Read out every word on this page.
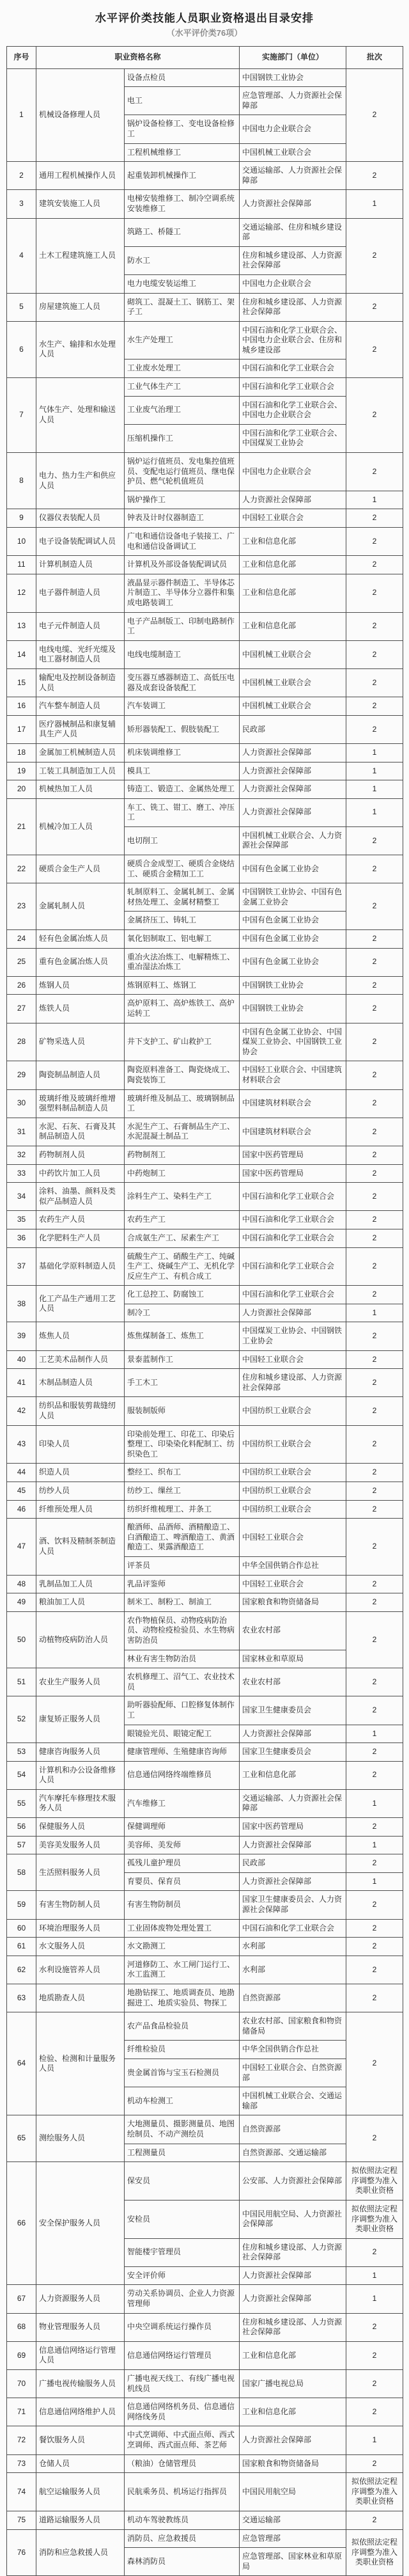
水平评价类技能人员职业资格退出目录安排
（水平评价类76项）
序号	职业资格名称		实施部门（单位）	批次
1	机械设备修理人员	设备点检员	中国钢铁工业协会	2
		电工	应急管理部、人力资源社会保障部	
		锅炉设备检修工、变电设备检修工	中国电力企业联合会	
		工程机械维修工	中国机械工业联合会	
2	通用工程机械操作人员	起重装卸机械操作工	交通运输部、人力资源社会保障部	2
3	建筑安装施工人员	电梯安装维修工、制冷空调系统安装维修工	人力资源社会保障部	1
4	土木工程建筑施工人员	筑路工、桥隧工	交通运输部、住房和城乡建设部	2
		防水工	住房和城乡建设部、人力资源社会保障部	
		电力电缆安装运维工	中国电力企业联合会	
5	房屋建筑施工人员	砌筑工、混凝土工、钢筋工、架子工	住房和城乡建设部、人力资源社会保障部	2
6	水生产、输排和水处理人员	水生产处理工	中国石油和化学工业联合会、中国电力企业联合会、住房和城乡建设部	2
		工业废水处理工	中国石油和化学工业联合会	
7	气体生产、处理和输送人员	工业气体生产工	中国石油和化学工业联合会	2
		工业废气治理工	中国石油和化学工业联合会、中国电力企业联合会	
		压缩机操作工	中国石油和化学工业联合会、中国煤炭工业协会	
8	电力、热力生产和供应人员	锅炉运行值班员、发电集控值班员、变配电运行值班员、继电保护员、燃气轮机值班员	中国电力企业联合会	2
		锅炉操作工	人力资源社会保障部	1
9	仪器仪表装配人员	钟表及计时仪器制造工	中国轻工业联合会	2
10	电子设备装配调试人员	广电和通信设备电子装接工、广电和通信设备调试工	工业和信息化部	2
11	计算机制造人员	计算机及外部设备装配调试员	工业和信息化部	2
12	电子器件制造人员	液晶显示器件制造工、半导体芯片制造工、半导体分立器件和集成电路装调工	工业和信息化部	2
13	电子元件制造人员	电子产品制版工、印制电路制作工	工业和信息化部	2
14	电线电缆、光纤光缆及电工器材制造人员	电线电缆制造工	中国机械工业联合会	2
15	输配电及控制设备制造人员	变压器互感器制造工、高低压电器及成套设备装配工	中国机械工业联合会	2
16	汽车整车制造人员	汽车装调工	中国机械工业联合会	2
17	医疗器械制品和康复辅具生产人员	矫形器装配工、假肢装配工	民政部	2
18	金属加工机械制造人员	机床装调维修工	人力资源社会保障部	1
19	工装工具制造加工人员	模具工	人力资源社会保障部	1
20	机械热加工人员	铸造工、锻造工、金属热处理工	人力资源社会保障部	1
21	机械冷加工人员	车工、铣工、钳工、磨工、冲压工	人力资源社会保障部	1
		电切削工	中国机械工业联合会、人力资源社会保障部	2
22	硬质合金生产人员	硬质合金成型工、硬质合金烧结工、硬质合金精加工工	中国有色金属工业协会	2
23	金属轧制人员	轧制原料工、金属轧制工、金属材热处理工、金属材精整工	中国钢铁工业协会、中国有色金属工业协会	2
		金属挤压工、铸轧工	中国有色金属工业协会	
24	轻有色金属冶炼人员	氧化铝制取工、铝电解工	中国有色金属工业协会	2
25	重有色金属冶炼人员	重冶火法冶炼工、电解精炼工、重冶湿法冶炼工	中国有色金属工业协会	2
26	炼钢人员	炼钢原料工、炼钢工	中国钢铁工业协会	2
27	炼铁人员	高炉原料工、高炉炼铁工、高炉运转工	中国钢铁工业协会	2
28	矿物采选人员	井下支护工、矿山救护工	中国有色金属工业协会、中国煤炭工业协会、中国钢铁工业协会	2
29	陶瓷制品制造人员	陶瓷原料准备工、陶瓷烧成工、陶瓷装饰工	中国轻工业联合会、中国建筑材料联合会	2
30	玻璃纤维及玻璃纤维增强塑料制品制造人员	玻璃纤维及制品工、玻璃钢制品工	中国建筑材料联合会	2
31	水泥、石灰、石膏及其制品制造人员	水泥生产工、石膏制品生产工、水泥混凝土制品工	中国建筑材料联合会	2
32	药物制剂人员	药物制剂工	国家中医药管理局	2
33	中药饮片加工人员	中药炮制工	国家中医药管理局	2
34	涂料、油墨、颜料及类似产品制造人员	涂料生产工、染料生产工	中国石油和化学工业联合会	2
35	农药生产人员	农药生产工	中国石油和化学工业联合会	2
36	化学肥料生产人员	合成氨生产工、尿素生产工	中国石油和化学工业联合会	2
37	基础化学原料制造人员	硫酸生产工、硝酸生产工、纯碱生产工、烧碱生产工、无机化学反应生产工、有机合成工	中国石油和化学工业联合会	2
38	化工产品生产通用工艺人员	化工总控工、防腐蚀工	中国石油和化学工业联合会	2
		制冷工	人力资源社会保障部	1
39	炼焦人员	炼焦煤制备工、炼焦工	中国煤炭工业协会、中国钢铁工业协会	2
40	工艺美术品制作人员	景泰蓝制作工	中国轻工业联合会	2
41	木制品制造人员	手工木工	住房和城乡建设部、人力资源社会保障部	2
42	纺织品和服装剪裁缝纫人员	服装制版师	中国纺织工业联合会	2
43	印染人员	印染前处理工、印花工、印染后整理工、印染染化料配制工、纺织染色工	中国纺织工业联合会	2
44	织造人员	整经工、织布工	中国纺织工业联合会	2
45	纺纱人员	纺纱工、缫丝工	中国纺织工业联合会	2
46	纤维预处理人员	纺织纤维梳理工、并条工	中国纺织工业联合会	2
47	酒、饮料及精制茶制造人员	酿酒师、品酒师、酒精酿造工、白酒酿造工、啤酒酿造工、黄酒酿造工、果露酒酿造工	中国轻工业联合会	2
		评茶员	中华全国供销合作总社	
48	乳制品加工人员	乳品评鉴师	中国轻工业联合会	2
49	粮油加工人员	制米工、制粉工、制油工	国家粮食和物资储备局	2
50	动植物疫病防治人员	农作物植保员、动物疫病防治员、动物检疫检验员、水生物病害防治员	农业农村部	2
		林业有害生物防治员	国家林业和草原局	
51	农业生产服务人员	农机修理工、沼气工、农业技术员	农业农村部	2
52	康复矫正服务人员	助听器验配师、口腔修复体制作工	国家卫生健康委员会	2
		眼镜验光员、眼镜定配工	人力资源社会保障部	1
53	健康咨询服务人员	健康管理师、生殖健康咨询师	国家卫生健康委员会	2
54	计算机和办公设备维修人员	信息通信网络终端维修员	工业和信息化部	2
55	汽车摩托车修理技术服务人员	汽车维修工	交通运输部、人力资源社会保障部	1
56	保健服务人员	保健调理师	国家中医药管理局	2
57	美容美发服务人员	美容师、美发师	人力资源社会保障部	1
58	生活照料服务人员	孤残儿童护理员	民政部	2
		育婴员、保育员	人力资源社会保障部	1
59	有害生物防制人员	有害生物防制员	国家卫生健康委员会、人力资源社会保障部	2
60	环境治理服务人员	工业固体废物处理处置工	中国石油和化学工业联合会	2
61	水文服务人员	水文勘测工	水利部	2
62	水利设施管养人员	河道修防工、水工闸门运行工、水工监测工	水利部	2
63	地质勘查人员	地勘钻探工、地质调查员、地勘掘进工、地质实验员、物探工	自然资源部	2
64	检验、检测和计量服务人员	农产品食品检验员	农业农村部、国家粮食和物资储备局	2
		纤维检验员	中华全国供销合作总社	
		贵金属首饰与宝玉石检测员	中国轻工业联合会、自然资源部	
		机动车检测工	中国机械工业联合会、交通运输部	
65	测绘服务人员	大地测量员、摄影测量员、地图绘制员、不动产测绘员	自然资源部	2
		工程测量员	自然资源部、交通运输部	
66	安全保护服务人员	保安员	公安部、人力资源社会保障部	拟依照法定程序调整为准入类职业资格
		安检员	中国民用航空局、人力资源社会保障部	拟依照法定程序调整为准入类职业资格
		智能楼宇管理员	住房和城乡建设部、人力资源社会保障部	2
		安全评价师	人力资源社会保障部	1
67	人力资源服务人员	劳动关系协调员、企业人力资源管理师	人力资源社会保障部	1
68	物业管理服务人员	中央空调系统运行操作员	住房和城乡建设部、人力资源社会保障部	2
69	信息通信网络运行管理人员	信息通信网络运行管理员	工业和信息化部	2
70	广播电视传输服务人员	广播电视天线工、有线广播电视机线员	国家广播电视总局	2
71	信息通信网络维护人员	信息通信网络机务员、信息通信网络线务员	工业和信息化部	2
72	餐饮服务人员	中式烹调师、中式面点师、西式烹调师、西式面点师、茶艺师	人力资源社会保障部	1
73	仓储人员	（粮油）仓储管理员	国家粮食和物资储备局	2
74	航空运输服务人员	民航乘务员、机场运行指挥员	中国民用航空局	拟依照法定程序调整为准入类职业资格
75	道路运输服务人员	机动车驾驶教练员	交通运输部	2
76	消防和应急救援人员	消防员、应急救援员	应急管理部	拟依照法定程序调整为准入类职业资格
		森林消防员	应急管理部、国家林业和草原局	
